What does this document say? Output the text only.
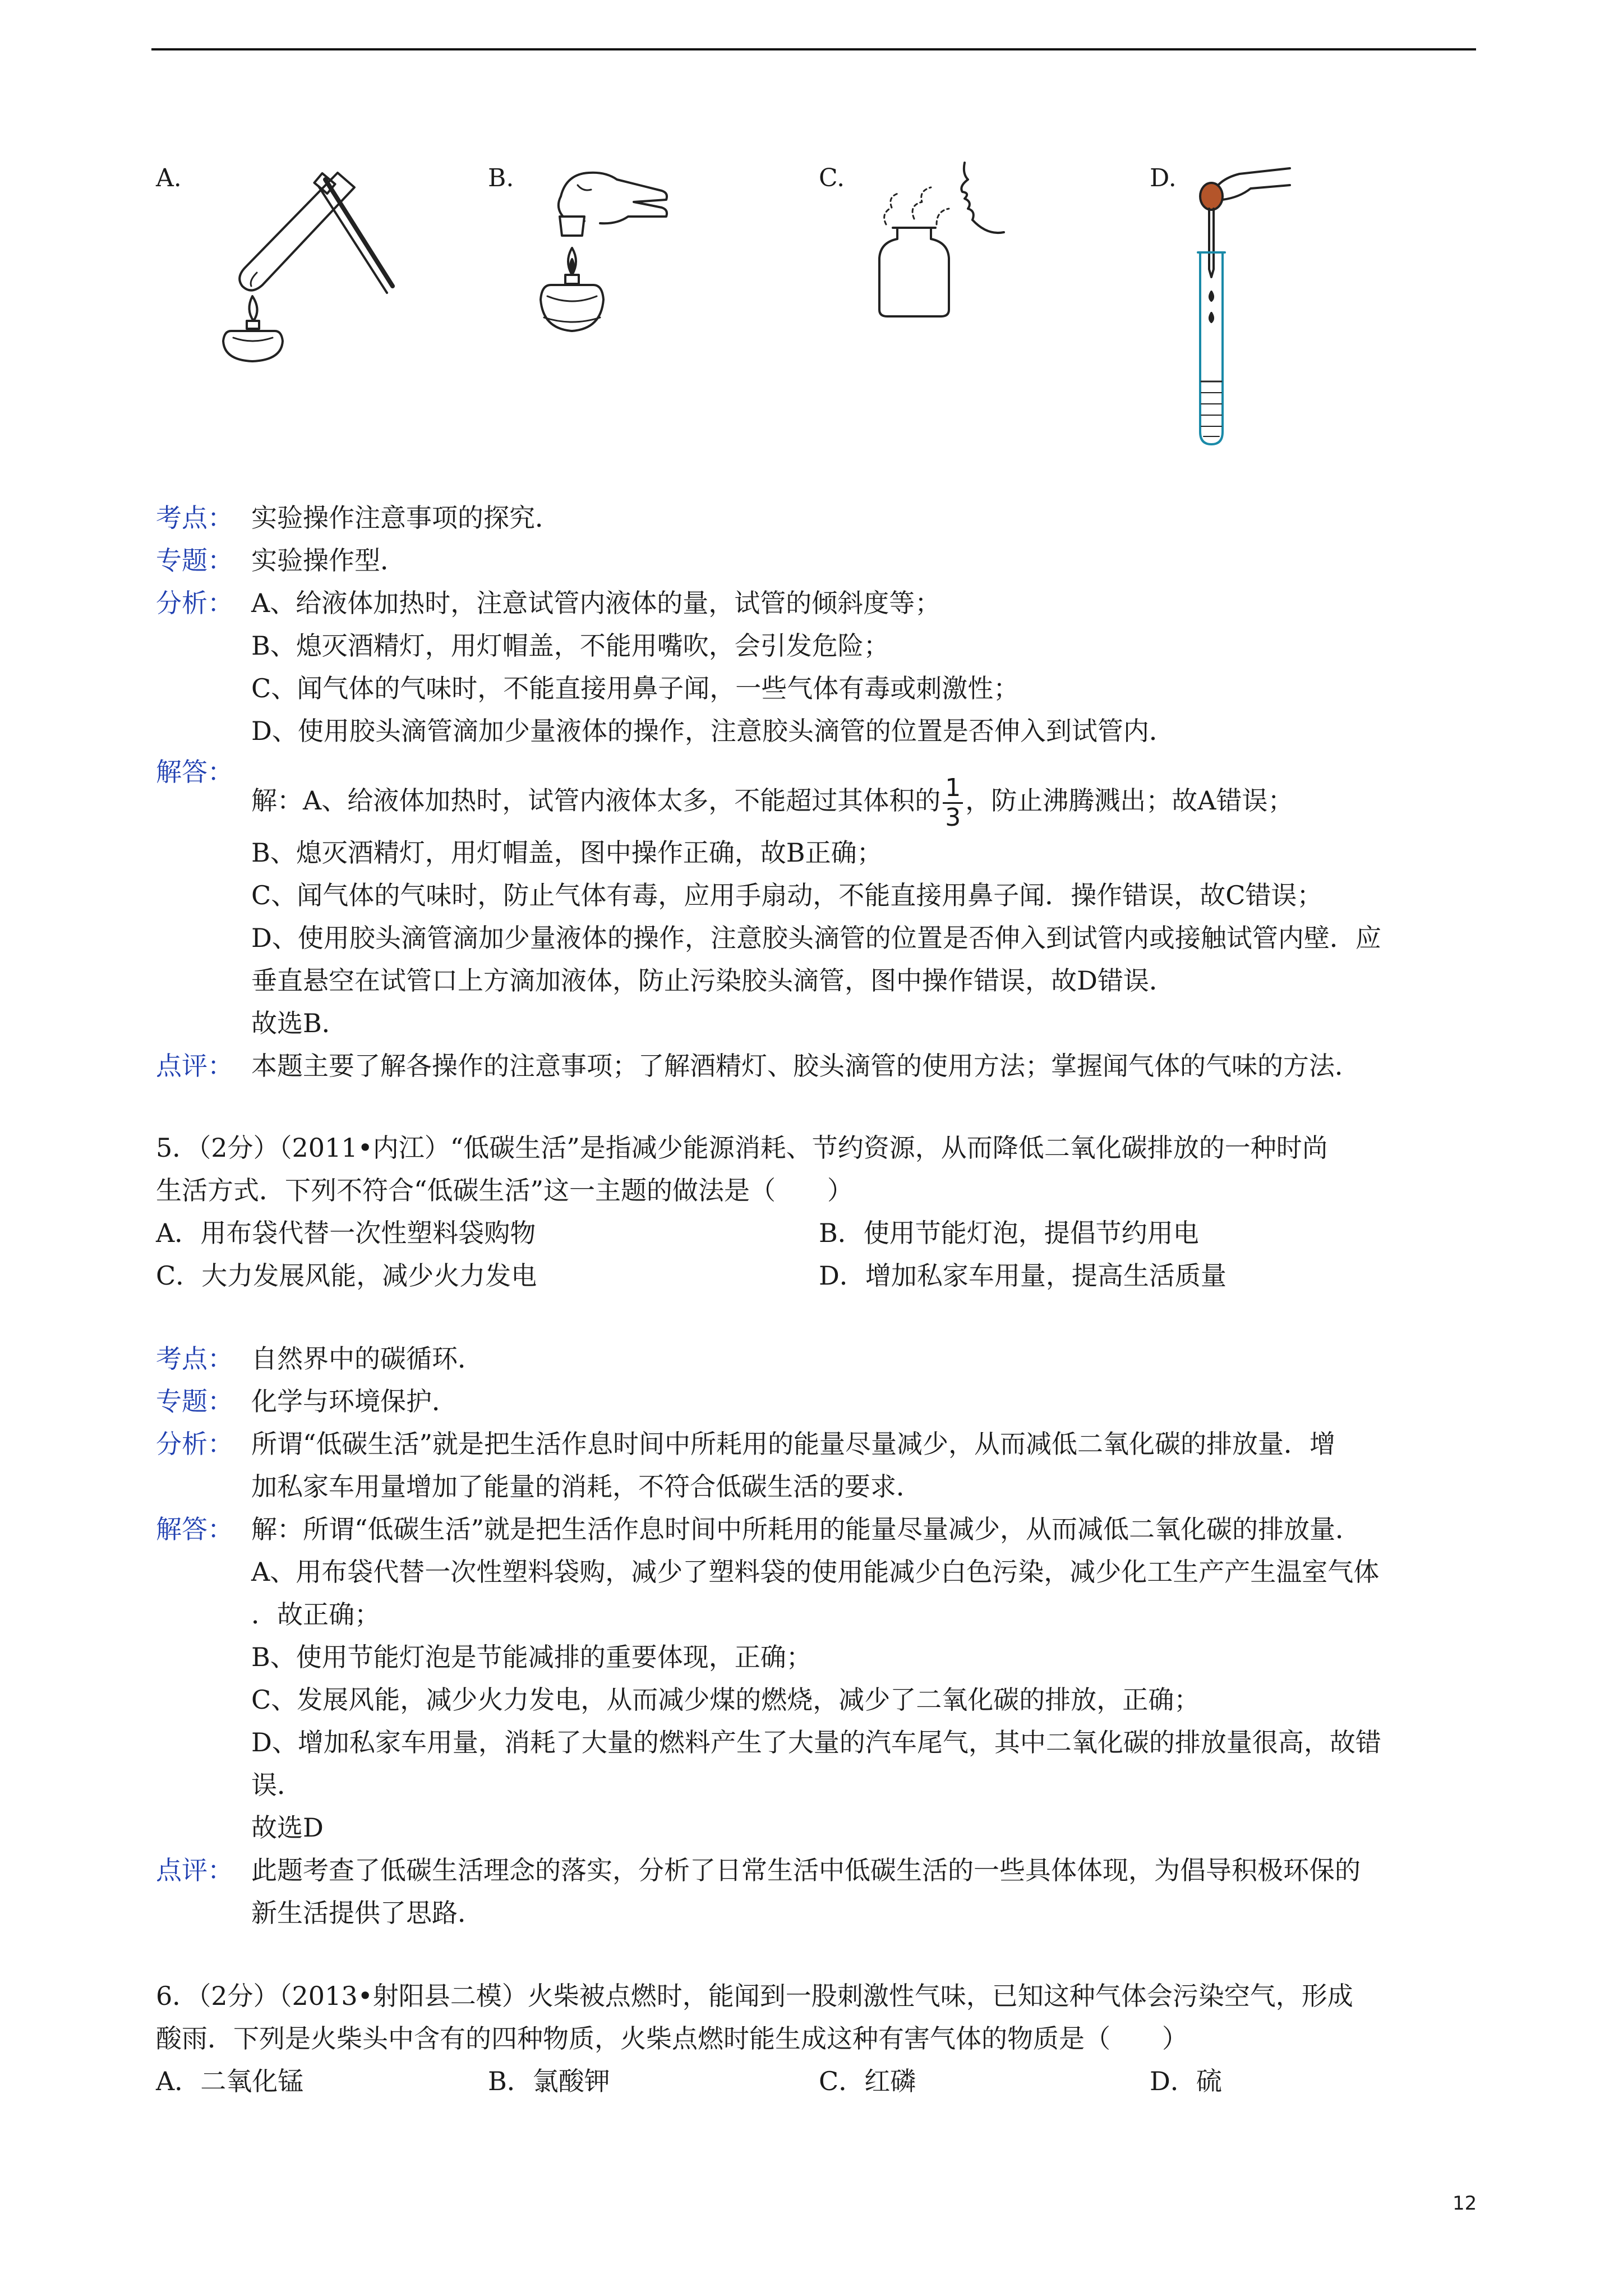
A.	B.	C.	D.
考点： 实验操作注意事项的探究．
专题： 实验操作型．
分析： A、给液体加热时，注意试管内液体的量，试管的倾斜度等；
B、熄灭酒精灯，用灯帽盖，不能用嘴吹，会引发危险；
C、闻气体的气味时，不能直接用鼻子闻，一些气体有毒或刺激性；
D、使用胶头滴管滴加少量液体的操作，注意胶头滴管的位置是否伸入到试管内．
解答：
解：A、给液体加热时，试管内液体太多，不能超过其体积的 $\frac{1}{3}$ ，防止沸腾溅出；故A错误；
B、熄灭酒精灯，用灯帽盖，图中操作正确，故B正确；
C、闻气体的气味时，防止气体有毒，应用手扇动，不能直接用鼻子闻．操作错误，故C错误；
D、使用胶头滴管滴加少量液体的操作，注意胶头滴管的位置是否伸入到试管内或接触试管内壁．应
垂直悬空在试管口上方滴加液体，防止污染胶头滴管，图中操作错误，故D错误．
故选B．
点评： 本题主要了解各操作的注意事项；了解酒精灯、胶头滴管的使用方法；掌握闻气体的气味的方法．
5．（2分）（2011•内江）“低碳生活”是指减少能源消耗、节约资源，从而降低二氧化碳排放的一种时尚
生活方式．下列不符合“低碳生活”这一主题的做法是（　　）
A．用布袋代替一次性塑料袋购物	B．使用节能灯泡，提倡节约用电
C．大力发展风能，减少火力发电	D．增加私家车用量，提高生活质量
考点： 自然界中的碳循环．
专题： 化学与环境保护．
分析： 所谓“低碳生活”就是把生活作息时间中所耗用的能量尽量减少，从而减低二氧化碳的排放量．增
加私家车用量增加了能量的消耗，不符合低碳生活的要求．
解答： 解：所谓“低碳生活”就是把生活作息时间中所耗用的能量尽量减少，从而减低二氧化碳的排放量．
A、用布袋代替一次性塑料袋购，减少了塑料袋的使用能减少白色污染，减少化工生产产生温室气体
．故正确；
B、使用节能灯泡是节能减排的重要体现，正确；
C、发展风能，减少火力发电，从而减少煤的燃烧，减少了二氧化碳的排放，正确；
D、增加私家车用量，消耗了大量的燃料产生了大量的汽车尾气，其中二氧化碳的排放量很高，故错
误．
故选D
点评： 此题考查了低碳生活理念的落实，分析了日常生活中低碳生活的一些具体体现，为倡导积极环保的
新生活提供了思路．
6．（2分）（2013•射阳县二模）火柴被点燃时，能闻到一股刺激性气味，已知这种气体会污染空气，形成
酸雨．下列是火柴头中含有的四种物质，火柴点燃时能生成这种有害气体的物质是（　　）
A．二氧化锰	B．氯酸钾	C．红磷	D．硫
12
